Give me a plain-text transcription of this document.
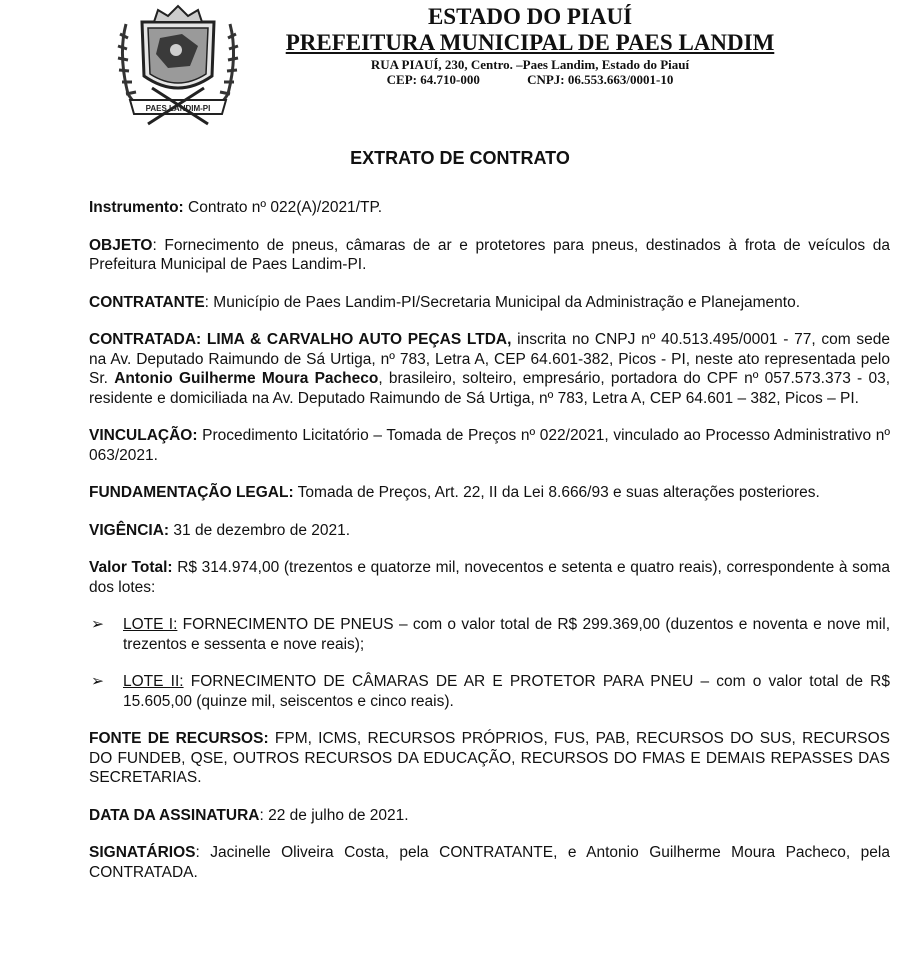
PAES LANDIM-PI
ESTADO DO PIAUÍ
PREFEITURA MUNICIPAL DE PAES LANDIM
RUA PIAUÍ, 230, Centro. –Paes Landim, Estado do Piauí
CEP: 64.710-000	CNPJ: 06.553.663/0001-10
EXTRATO DE CONTRATO

Instrumento: Contrato nº 022(A)/2021/TP.

OBJETO: Fornecimento de pneus, câmaras de ar e protetores para pneus, destinados à frota de veículos da Prefeitura Municipal de Paes Landim-PI.

CONTRATANTE: Município de Paes Landim-PI/Secretaria Municipal da Administração e Planejamento.

CONTRATADA: LIMA & CARVALHO AUTO PEÇAS LTDA, inscrita no CNPJ nº 40.513.495/0001 - 77, com sede na Av. Deputado Raimundo de Sá Urtiga, nº 783, Letra A, CEP 64.601-382, Picos - PI, neste ato representada pelo Sr. Antonio Guilherme Moura Pacheco, brasileiro, solteiro, empresário, portadora do CPF nº 057.573.373 - 03, residente e domiciliada na Av. Deputado Raimundo de Sá Urtiga, nº 783, Letra A, CEP 64.601 – 382, Picos – PI.

VINCULAÇÃO: Procedimento Licitatório – Tomada de Preços nº 022/2021, vinculado ao Processo Administrativo nº 063/2021.

FUNDAMENTAÇÃO LEGAL: Tomada de Preços, Art. 22, II da Lei 8.666/93 e suas alterações posteriores.

VIGÊNCIA: 31 de dezembro de 2021.

Valor Total: R$ 314.974,00 (trezentos e quatorze mil, novecentos e setenta e quatro reais), correspondente à soma dos lotes:

➢ LOTE I: FORNECIMENTO DE PNEUS – com o valor total de R$ 299.369,00 (duzentos e noventa e nove mil, trezentos e sessenta e nove reais);

➢ LOTE II: FORNECIMENTO DE CÂMARAS DE AR E PROTETOR PARA PNEU – com o valor total de R$ 15.605,00 (quinze mil, seiscentos e cinco reais).

FONTE DE RECURSOS: FPM, ICMS, RECURSOS PRÓPRIOS, FUS, PAB, RECURSOS DO SUS, RECURSOS DO FUNDEB, QSE, OUTROS RECURSOS DA EDUCAÇÃO, RECURSOS DO FMAS E DEMAIS REPASSES DAS SECRETARIAS.

DATA DA ASSINATURA: 22 de julho de 2021.

SIGNATÁRIOS: Jacinelle Oliveira Costa, pela CONTRATANTE, e Antonio Guilherme Moura Pacheco, pela CONTRATADA.
